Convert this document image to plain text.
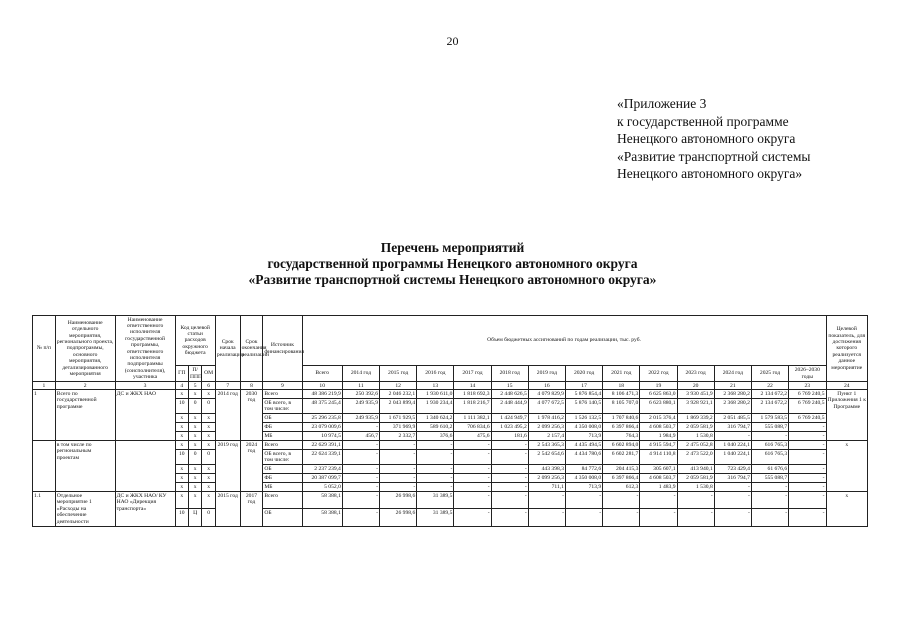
20
«Приложение 3
к государственной программе
Ненецкого автономного округа
«Развитие транспортной системы
Ненецкого автономного округа»
Перечень мероприятий
государственной программы Ненецкого автономного округа
«Развитие транспортной системы Ненецкого автономного округа»
№ п/п	Наименование отдельного мероприятия, регионального проекта, подпрограммы, основного мероприятия, детализированного мероприятия	Наименование ответственного исполнителя государственной программы, ответственного исполнителя подпрограммы (соисполнителя), участника	Код целевой статьи расходов окружного бюджета			Срок начала реализации	Срок окончания реализации	Источник финансирования	Объем бюджетных ассигнований по годам реализации, тыс. руб.														Целевой показатель, для достижения которого реализуется данное мероприятие
			ГП	П/ППП	ОМ				Всего	2014 год	2015 год	2016 год	2017 год	2018 год	2019 год	2020 год	2021 год	2022 год	2023 год	2024 год	2025 год	2026–2030 годы	
1	2	3	4	5	6	7	8	9	10	11	12	13	14	15	16	17	18	19	20	21	22	23	24
1	Всего по государственной программе	ДС и ЖКХ НАО	х	х	х	2014 год	2030 год	Всего	48 386 219,9	250 392,6	2 046 232,1	1 930 611,0	1 818 692,3	2 448 626,5	4 079 829,9	5 876 854,4	8 106 471,3	6 625 863,0	3 930 451,9	2 368 280,2	2 134 672,2	6 769 240,5	Пункт 1 Приложения 1 к Программе
			10	0	0			ОБ всего, в том числе:	48 375 245,4	249 935,9	2 043 899,4	1 930 234,4	1 818 216,7	2 448 444,9	4 077 672,5	5 876 140,5	8 105 707,0	6 623 880,1	3 928 921,1	2 368 280,2	2 134 672,2	6 769 240,5	
			х	х	х			ОБ	25 296 235,8	249 935,9	1 671 929,5	1 340 624,2	1 111 382,1	1 424 949,7	1 978 416,2	1 526 132,5	1 707 840,6	2 015 376,4	1 869 339,2	2 051 485,5	1 579 583,5	6 769 240,5	
			х	х	х			ФБ	23 079 009,6	-	371 969,9	589 610,2	706 834,6	1 023 495,2	2 099 256,3	4 350 008,0	6 397 866,4	4 608 503,7	2 059 581,9	316 794,7	555 088,7	-	
			х	х	х			МБ	10 974,5	456,7	2 332,7	376,6	475,6	181,6	2 157,4	713,9	764,3	1 984,9	1 530,8	-	-	-	
	в том числе по региональным проектам		х	х	х	2019 год	2024 год	Всего	22 629 391,1	-	-	-	-	-	2 543 365,3	4 435 494,5	6 602 894,0	4 915 594,7	2 475 052,8	1 040 224,1	616 765,3	-	х
			10	0	0			ОБ всего, в том числе:	22 624 339,1	-	-	-	-	-	2 542 654,6	4 434 780,6	6 602 281,7	4 914 110,8	2 473 522,0	1 040 224,1	616 765,3	-	
			х	х	х			ОБ	2 237 239,4	-	-	-	-	-	443 398,3	84 772,6	204 415,3	305 607,1	413 940,1	723 429,4	61 676,6	-	
			х	х	х			ФБ	20 387 099,7	-	-	-	-	-	2 099 256,3	4 350 008,0	6 397 866,4	4 608 503,7	2 059 581,9	316 794,7	555 088,7	-	
			х	х	х			МБ	5 052,0	-	-	-	-	-	711,1	713,9	612,3	1 483,9	1 530,8	-	-	-	
1.1	Отдельное мероприятие 1 «Расходы на обеспечение деятельности	ДС и ЖКХ НАО/ КУ НАО «Дирекция транспорта»	х	х	х	2015 год	2017 год	Всего	58 388,1	-	26 998,6	31 389,5	-	-	-	-	-	-	-	-	-	-	х
			10	Ц	0			ОБ	58 388,1	-	26 998,6	31 389,5	-	-	-	-	-	-	-	-	-	-	
